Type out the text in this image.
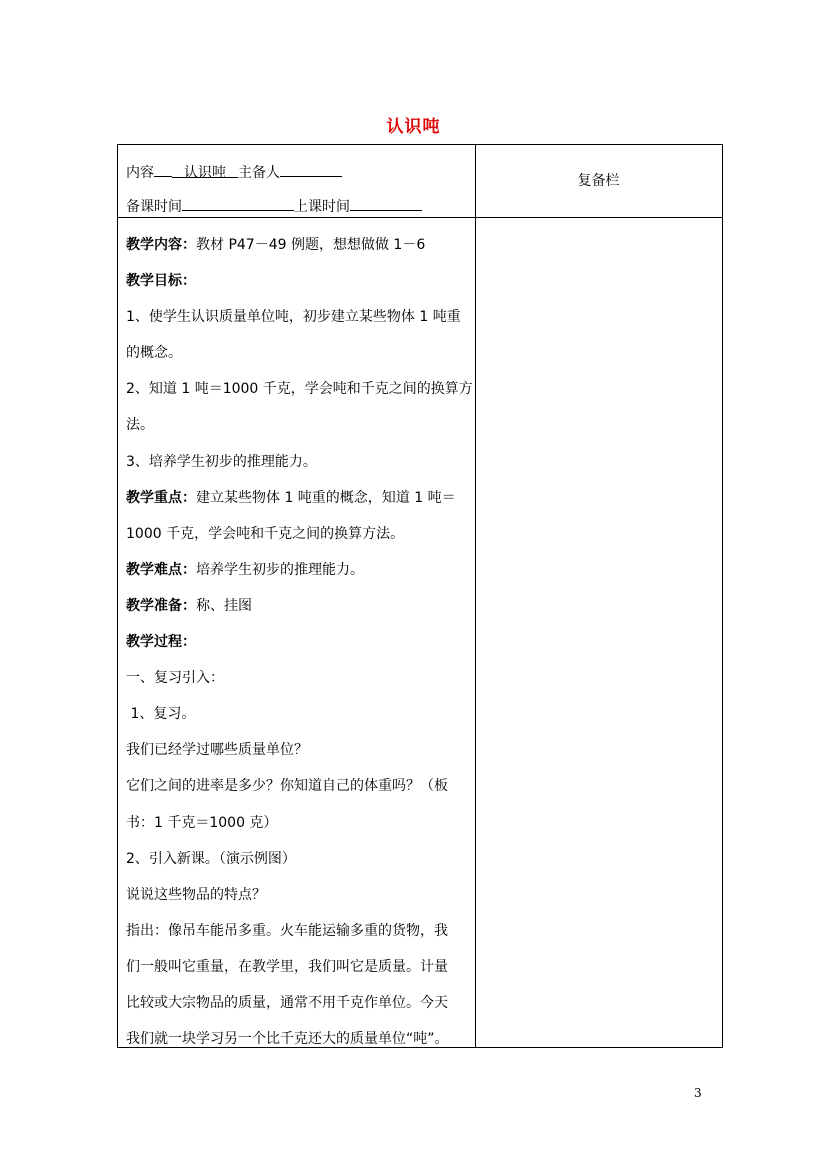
认识吨
内容 认识吨 主备人
备课时间	上课时间
复备栏

教学内容：教材 P47－49 例题，想想做做 1－6

教学目标：

1、使学生认识质量单位吨，初步建立某些物体 1 吨重

的概念。

2、知道 1 吨＝1000 千克，学会吨和千克之间的换算方

法。

3、培养学生初步的推理能力。

教学重点：建立某些物体 1 吨重的概念，知道 1 吨＝

1000 千克，学会吨和千克之间的换算方法。

教学难点：培养学生初步的推理能力。

教学准备：称、挂图

教学过程：

一、复习引入：

1、复习。

我们已经学过哪些质量单位？

它们之间的进率是多少？你知道自己的体重吗？（板

书：1 千克＝1000 克）

2、引入新课。（演示例图）

说说这些物品的特点？

指出：像吊车能吊多重。火车能运输多重的货物，我

们一般叫它重量，在教学里，我们叫它是质量。计量

比较或大宗物品的质量，通常不用千克作单位。今天

我们就一块学习另一个比千克还大的质量单位“吨”。

3
